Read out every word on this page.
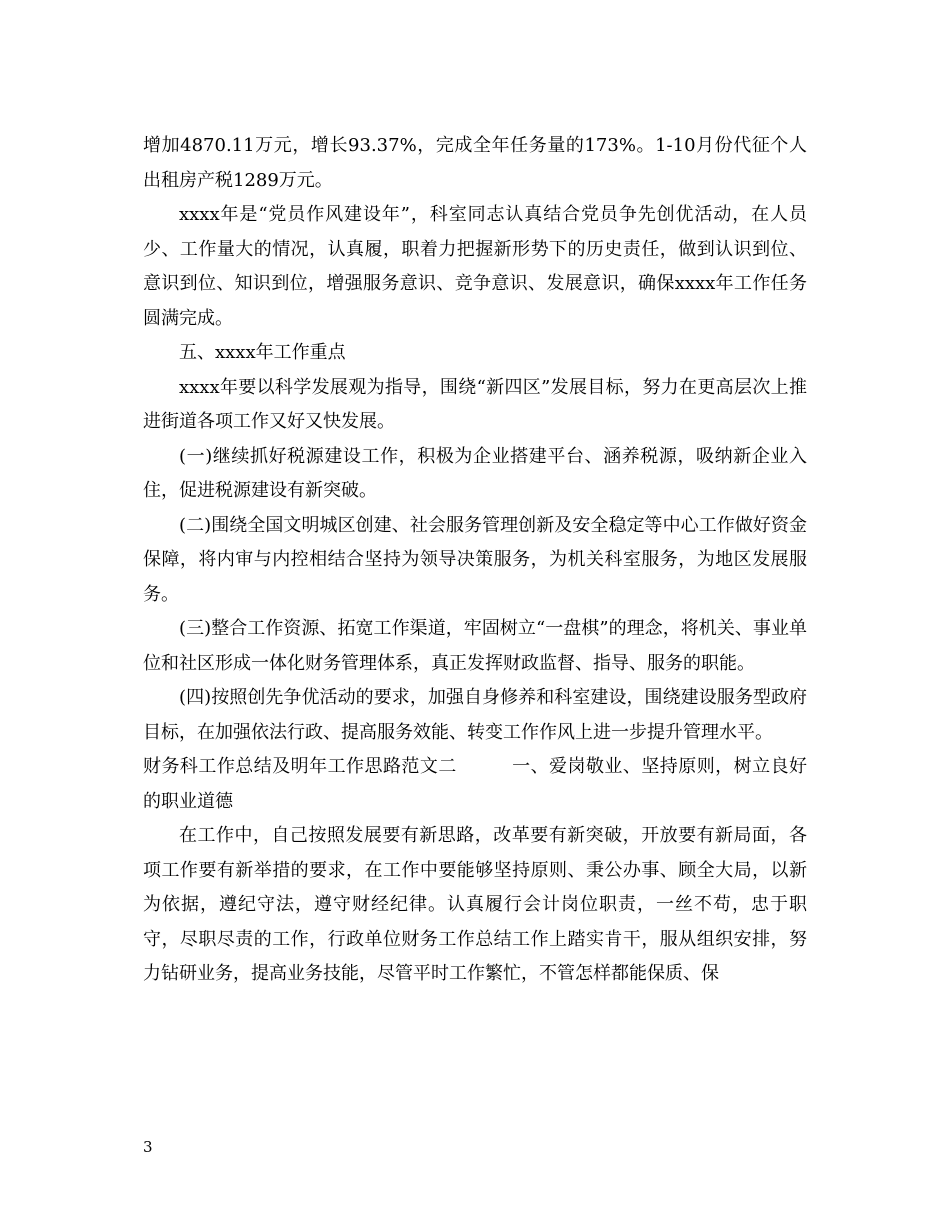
增加4870.11万元，增长93.37%，完成全年任务量的173%。1-10月份代征个人出租房产税1289万元。

xxxx年是“党员作风建设年”，科室同志认真结合党员争先创优活动，在人员少、工作量大的情况，认真履，职着力把握新形势下的历史责任，做到认识到位、意识到位、知识到位，增强服务意识、竞争意识、发展意识，确保xxxx年工作任务圆满完成。

五、xxxx年工作重点

xxxx年要以科学发展观为指导，围绕“新四区”发展目标，努力在更高层次上推进街道各项工作又好又快发展。

(一)继续抓好税源建设工作，积极为企业搭建平台、涵养税源，吸纳新企业入住，促进税源建设有新突破。

(二)围绕全国文明城区创建、社会服务管理创新及安全稳定等中心工作做好资金保障，将内审与内控相结合坚持为领导决策服务，为机关科室服务，为地区发展服务。

(三)整合工作资源、拓宽工作渠道，牢固树立“一盘棋”的理念，将机关、事业单位和社区形成一体化财务管理体系，真正发挥财政监督、指导、服务的职能。

(四)按照创先争优活动的要求，加强自身修养和科室建设，围绕建设服务型政府目标，在加强依法行政、提高服务效能、转变工作作风上进一步提升管理水平。

财务科工作总结及明年工作思路范文二　　　一、爱岗敬业、坚持原则，树立良好的职业道德

在工作中，自己按照发展要有新思路，改革要有新突破，开放要有新局面，各项工作要有新举措的要求，在工作中要能够坚持原则、秉公办事、顾全大局，以新为依据，遵纪守法，遵守财经纪律。认真履行会计岗位职责，一丝不苟，忠于职守，尽职尽责的工作，行政单位财务工作总结工作上踏实肯干，服从组织安排，努力钻研业务，提高业务技能，尽管平时工作繁忙，不管怎样都能保质、保

3
